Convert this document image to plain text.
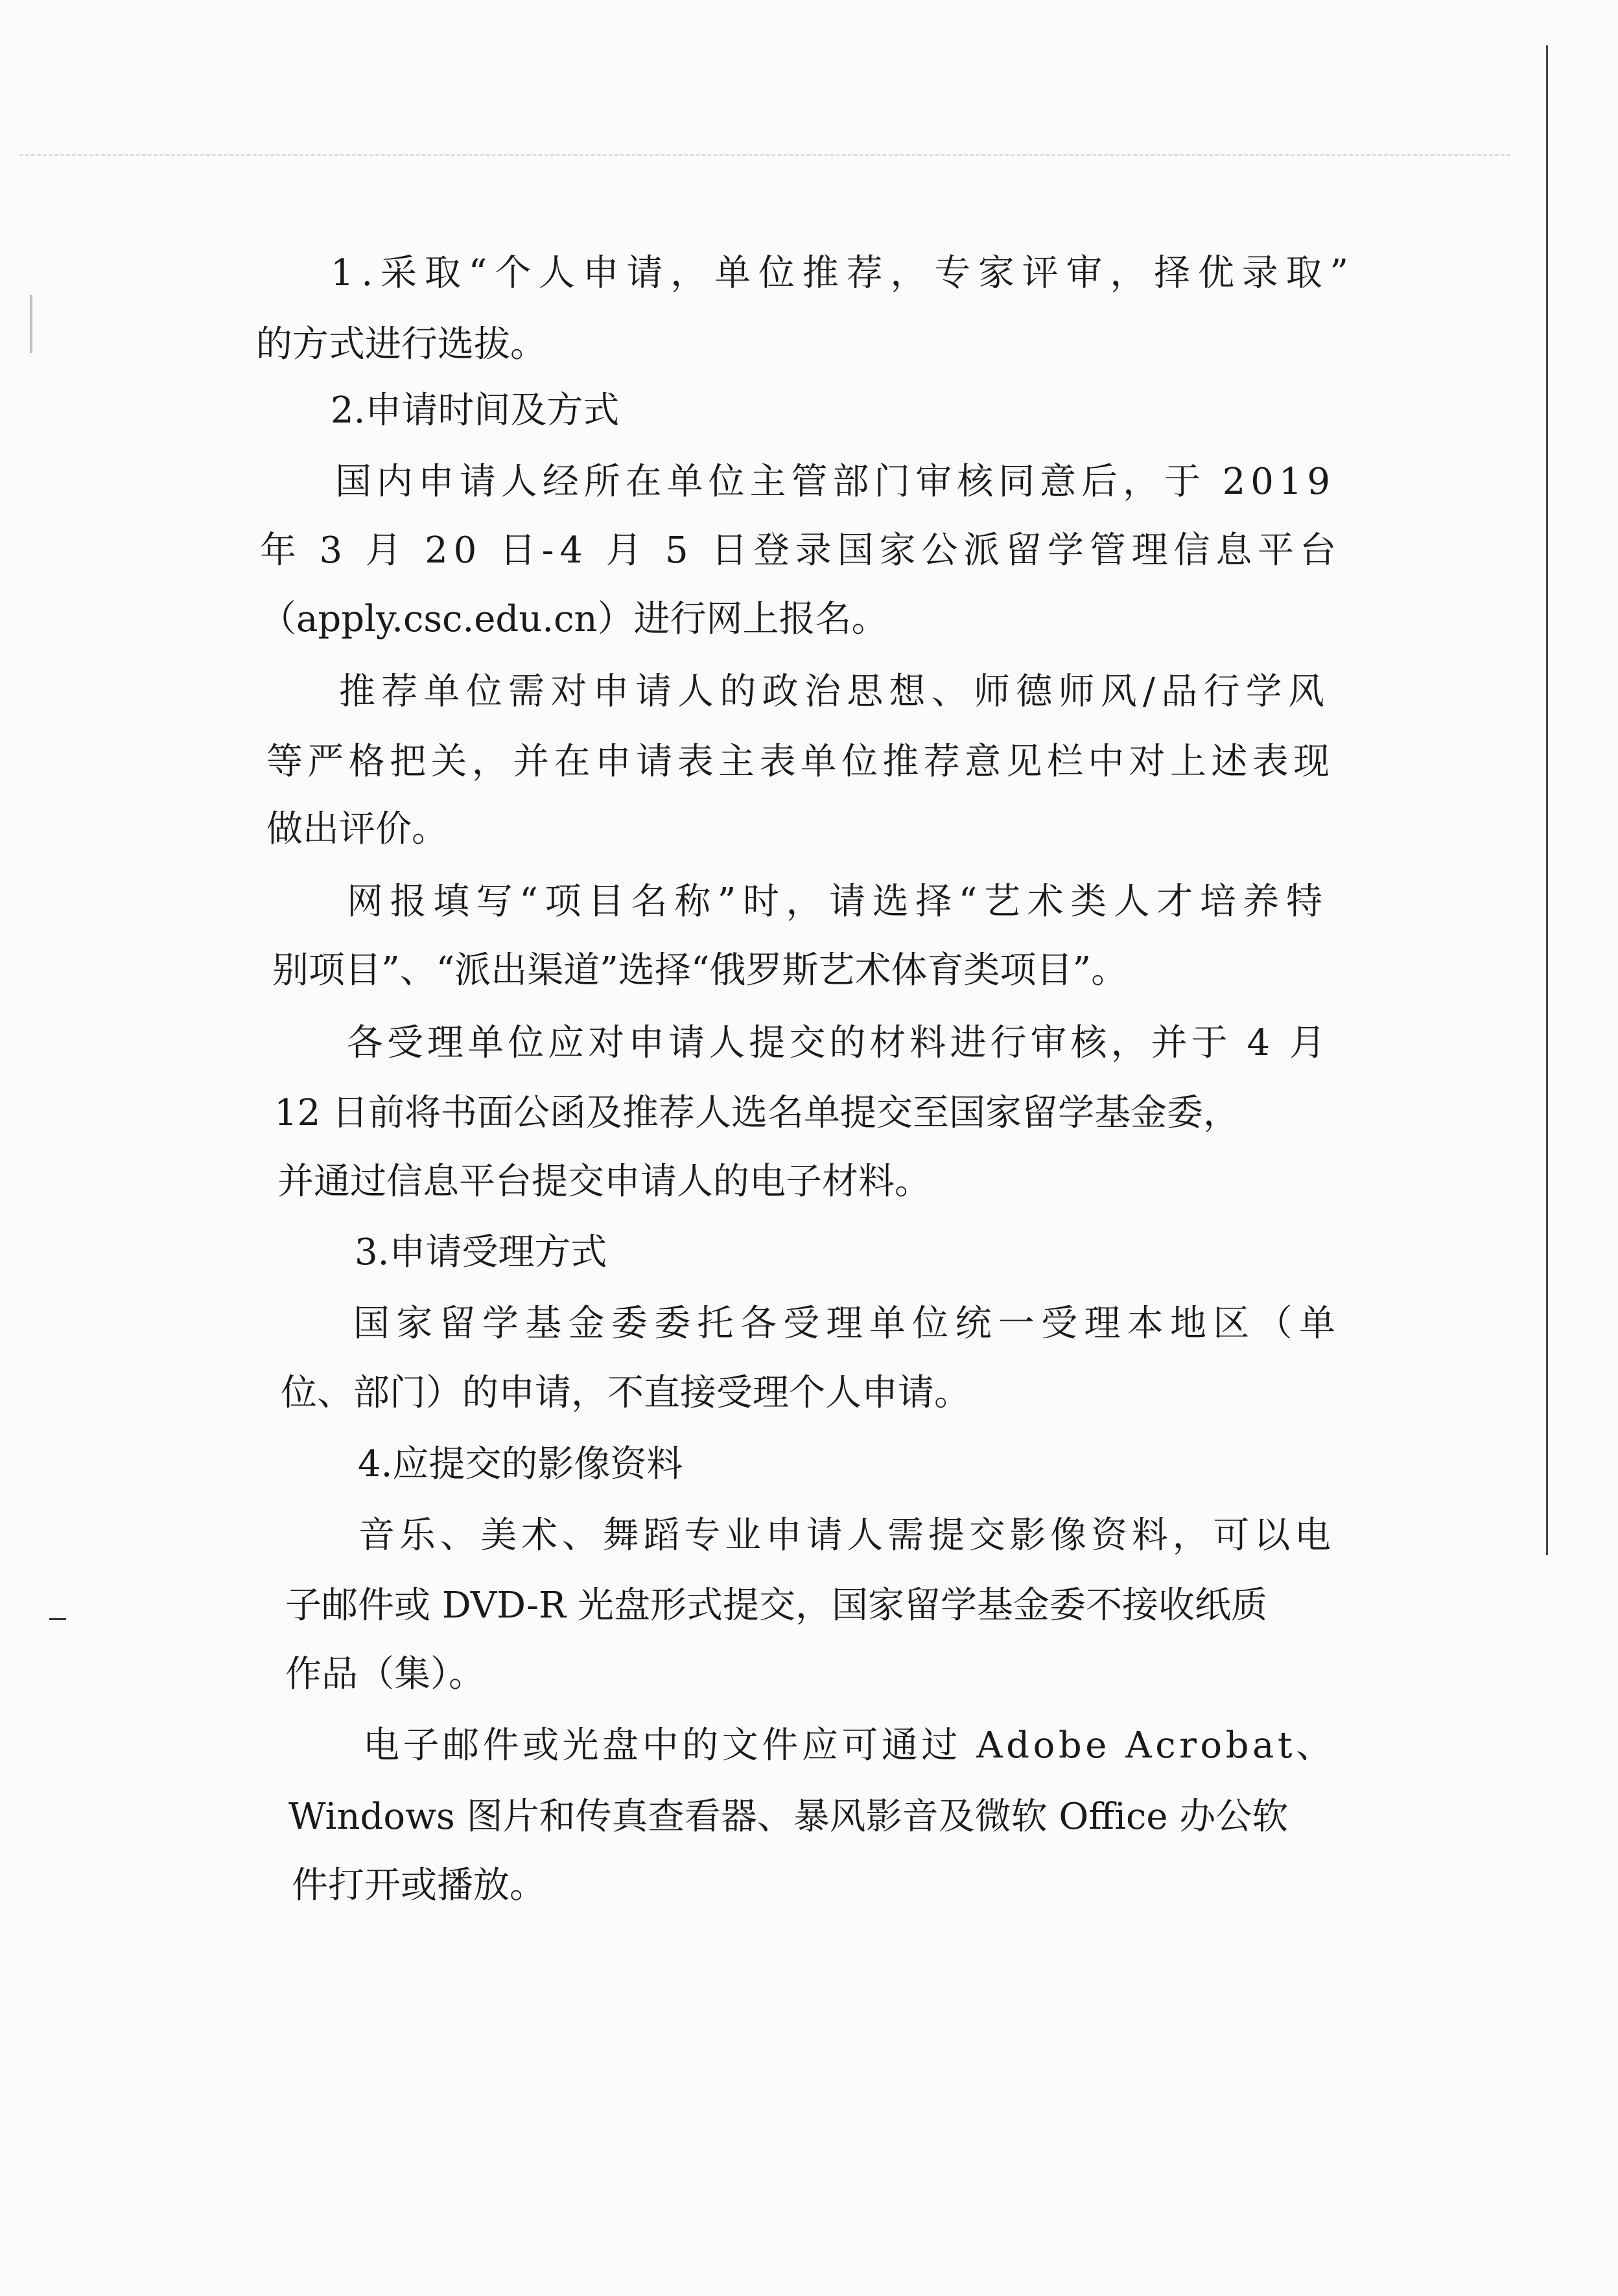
1.采取“个人申请，单位推荐，专家评审，择优录取”
的方式进行选拔。
2.申请时间及方式
国内申请人经所在单位主管部门审核同意后，于 2019
年 3 月 20 日-4 月 5 日登录国家公派留学管理信息平台
（apply.csc.edu.cn）进行网上报名。
推荐单位需对申请人的政治思想、师德师风/品行学风
等严格把关，并在申请表主表单位推荐意见栏中对上述表现
做出评价。
网报填写“项目名称”时，请选择“艺术类人才培养特
别项目”、“派出渠道”选择“俄罗斯艺术体育类项目”。
各受理单位应对申请人提交的材料进行审核，并于 4 月
12 日前将书面公函及推荐人选名单提交至国家留学基金委，
并通过信息平台提交申请人的电子材料。
3.申请受理方式
国家留学基金委委托各受理单位统一受理本地区（单
位、部门）的申请，不直接受理个人申请。
4.应提交的影像资料
音乐、美术、舞蹈专业申请人需提交影像资料，可以电
子邮件或 DVD-R 光盘形式提交，国家留学基金委不接收纸质
作品（集）。
电子邮件或光盘中的文件应可通过 Adobe Acrobat、
Windows 图片和传真查看器、暴风影音及微软 Office 办公软
件打开或播放。
